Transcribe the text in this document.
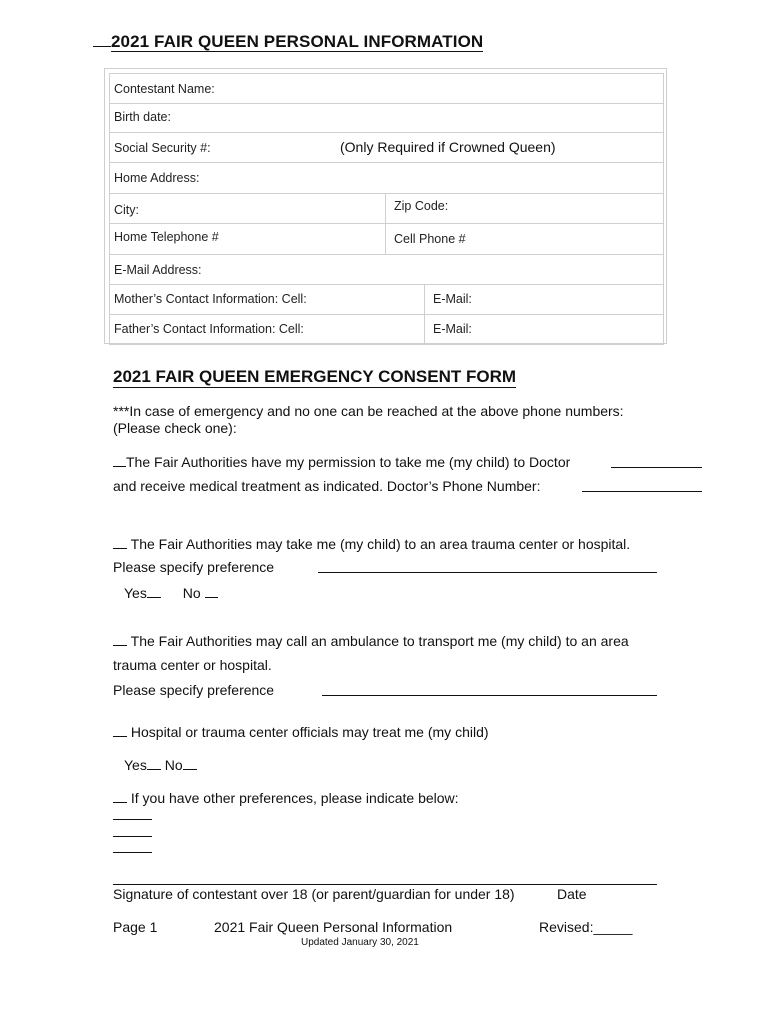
2021 FAIR QUEEN PERSONAL INFORMATION
Contestant Name:
Birth date:
Social Security #:	(Only Required if Crowned Queen)
Home Address:
City:	Zip Code:
Home Telephone #	Cell Phone #
E-Mail Address:
Mother’s Contact Information: Cell:	E-Mail:
Father’s Contact Information: Cell:	E-Mail:
2021 FAIR QUEEN EMERGENCY CONSENT FORM
***In case of emergency and no one can be reached at the above phone numbers:
(Please check one):
The Fair Authorities have my permission to take me (my child) to Doctor
and receive medical treatment as indicated. Doctor’s Phone Number:
The Fair Authorities may take me (my child) to an area trauma center or hospital.
Please specify preference
Yes	No
The Fair Authorities may call an ambulance to transport me (my child) to an area
trauma center or hospital.
Please specify preference
Hospital or trauma center officials may treat me (my child)
Yes No
If you have other preferences, please indicate below:
Signature of contestant over 18 (or parent/guardian for under 18)	Date
Page 1	2021 Fair Queen Personal Information	Revised:_____
Updated January 30, 2021
